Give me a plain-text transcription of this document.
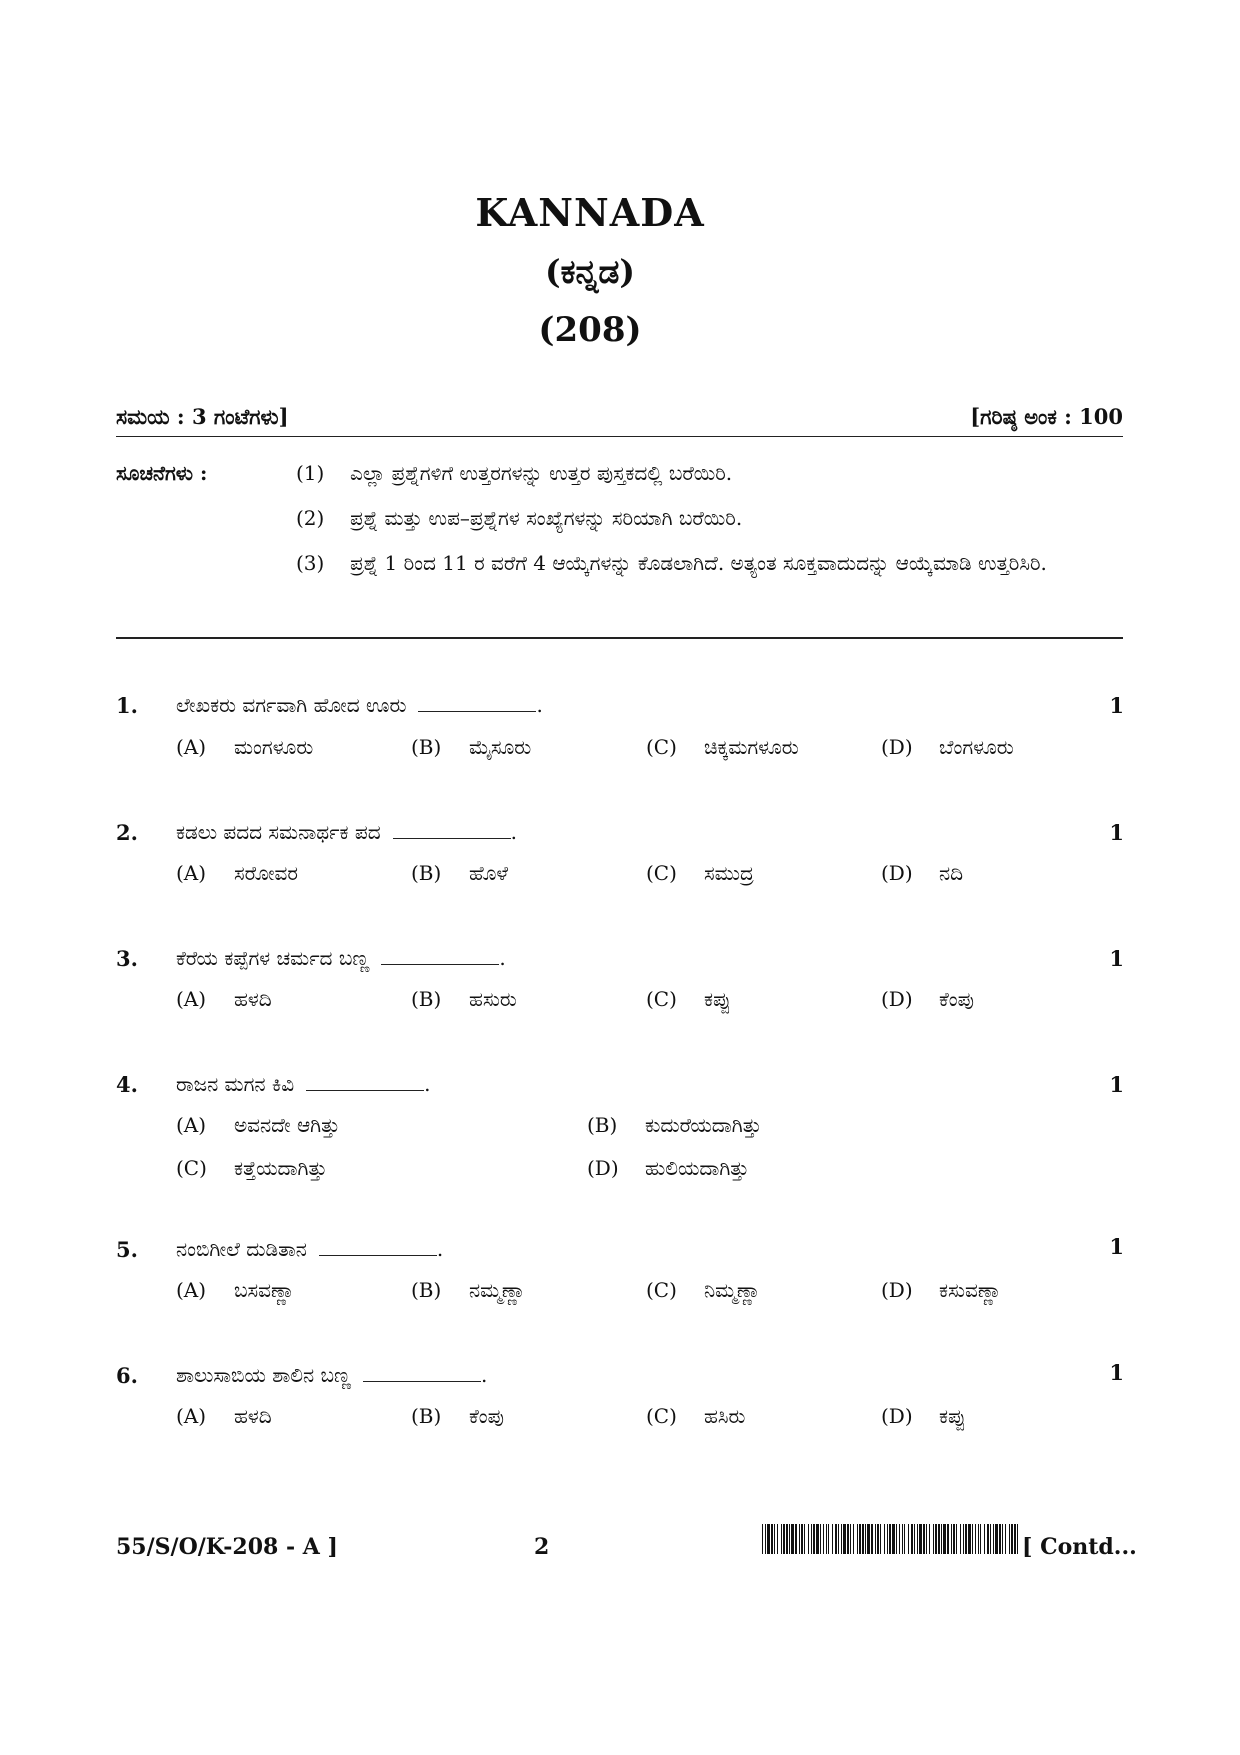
KANNADA
(ಕನ್ನಡ)
(208)
ಸಮಯ : 3 ಗಂಟೆಗಳು]	[ಗರಿಷ್ಠ ಅಂಕ : 100
ಸೂಚನೆಗಳು :	(1) ಎಲ್ಲಾ ಪ್ರಶ್ನೆಗಳಿಗೆ ಉತ್ತರಗಳನ್ನು ಉತ್ತರ ಪುಸ್ತಕದಲ್ಲಿ ಬರೆಯಿರಿ.
(2) ಪ್ರಶ್ನೆ ಮತ್ತು ಉಪ–ಪ್ರಶ್ನೆಗಳ ಸಂಖ್ಯೆಗಳನ್ನು ಸರಿಯಾಗಿ ಬರೆಯಿರಿ.
(3) ಪ್ರಶ್ನೆ 1 ರಿಂದ 11 ರ ವರೆಗೆ 4 ಆಯ್ಕೆಗಳನ್ನು ಕೊಡಲಾಗಿದೆ. ಅತ್ಯಂತ ಸೂಕ್ತವಾದುದನ್ನು ಆಯ್ಕೆಮಾಡಿ ಉತ್ತರಿಸಿರಿ.
1. ಲೇಖಕರು ವರ್ಗವಾಗಿ ಹೋದ ಊರು	.	1
(A) ಮಂಗಳೂರು	(B) ಮೈಸೂರು	(C) ಚಿಕ್ಕಮಗಳೂರು	(D) ಬೆಂಗಳೂರು
2. ಕಡಲು ಪದದ ಸಮನಾರ್ಥಕ ಪದ	.	1
(A) ಸರೋವರ	(B) ಹೊಳೆ	(C) ಸಮುದ್ರ	(D) ನದಿ
3. ಕೆರೆಯ ಕಪ್ಪೆಗಳ ಚರ್ಮದ ಬಣ್ಣ	.	1
(A) ಹಳದಿ	(B) ಹಸುರು	(C) ಕಪ್ಪು	(D) ಕೆಂಪು
4. ರಾಜನ ಮಗನ ಕಿವಿ	.	1
(A) ಅವನದೇ ಆಗಿತ್ತು	(B) ಕುದುರೆಯದಾಗಿತ್ತು
(C) ಕತ್ತೆಯದಾಗಿತ್ತು	(D) ಹುಲಿಯದಾಗಿತ್ತು
5. ನಂಬಿಗೀಲೆ ದುಡಿತಾನ	.	1
(A) ಬಸವಣ್ಣಾ	(B) ನಮ್ಮಣ್ಣಾ	(C) ನಿಮ್ಮಣ್ಣಾ	(D) ಕಸುವಣ್ಣಾ
6. ಶಾಲುಸಾಬಿಯ ಶಾಲಿನ ಬಣ್ಣ	.	1
(A) ಹಳದಿ	(B) ಕೆಂಪು	(C) ಹಸಿರು	(D) ಕಪ್ಪು
55/S/O/K-208 - A ]	2	[ Contd...
